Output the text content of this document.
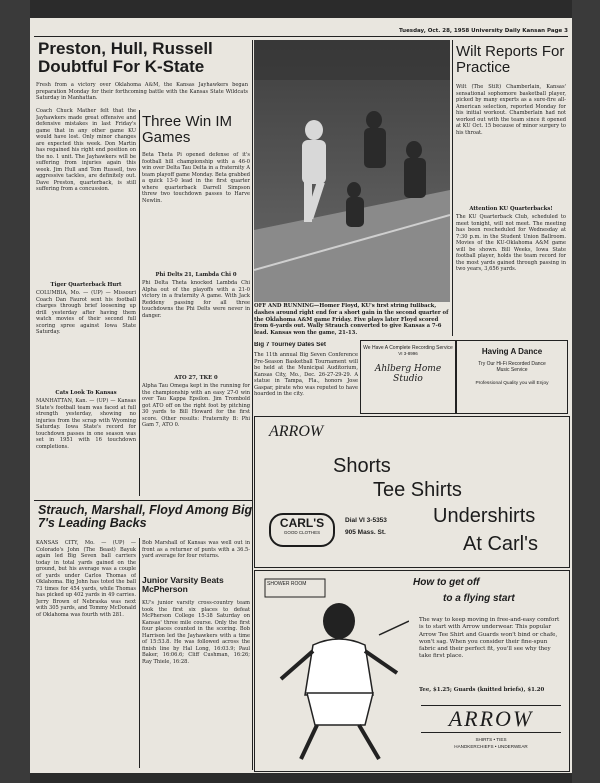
Tuesday, Oct. 28, 1958 University Daily Kansan Page 3
Preston, Hull, Russell Doubtful For K-State
Fresh from a victory over Oklahoma A&M, the Kansas Jayhawkers began preparation Monday for their forthcoming battle with the Kansas State Wildcats Saturday in Manhattan.
Coach Chuck Mather felt that the Jayhawkers made great offensive and defensive mistakes in last Friday's game that in any other game KU would have lost. Only minor changes are expected this week. Don Martin has regained his right end position on the no. 1 unit. The Jayhawkers will be suffering from injuries again this week. Jim Hull and Tom Russell, two aggressive tackles, are definitely out. Dave Preston, quarterback, is still suffering from a concussion.
Tiger Quarterback Hurt
COLUMBIA, Mo. — (UP) — Missouri Coach Dan Faurot sent his football charges through brief loosening up drill yesterday after having them watch movies of their second full scoring spree against Iowa State Saturday.
Cats Look To Kansas
MANHATTAN, Kan. — (UP) — Kansas State's football team was faced at full strength yesterday, showing no injuries from the scrap with Wyoming Saturday. Iowa State's record for touchdown passes in one season was set in 1951 with 16 touchdown completions.
Three Win IM Games
Beta Theta Pi opened defense of it's football hill championship with a 46-0 win over Delta Tau Delta in a fraternity A team playoff game Monday. Beta grabbed a quick 13-0 lead in the first quarter where quarterback Darrell Simpson threw two touchdown passes to Harve Newlin.
Phi Delts 21, Lambda Chi 0
Phi Delta Theta knocked Lambda Chi Alpha out of the playoffs with a 21-0 victory in a fraternity A game. With Jack Reddeny passing for all three touchdowns the Phi Delts were never in danger.
ATO 27, TKE 0
Alpha Tau Omega kept in the running for the championship with an easy 27-0 win over Tau Kappa Epsilon. Jim Trombold got ATO off on the right foot by pitching 30 yards to Bill Howard for the first score. Other results: Fraternity B: Phi Gam 7, ATO 0.
OFF AND RUNNING—Homer Floyd, KU's first string fullback, dashes around right end for a short gain in the second quarter of the Oklahoma A&M game Friday. Five plays later Floyd scored from 6-yards out. Wally Strauch converted to give Kansas a 7-6 lead. Kansas won the game, 21-13.
Wilt Reports For Practice
Wilt (The Stilt) Chamberlain, Kansas' sensational sophomore basketball player, picked by many experts as a sure-fire all-American selection, reported Monday for his initial workout. Chamberlain had not worked out with the team since it opened at KU Oct. 15 because of minor surgery to his throat.
Attention KU Quarterbacks!
The KU Quarterback Club, scheduled to meet tonight, will not meet. The meeting has been rescheduled for Wednesday at 7:30 p.m. in the Student Union Ballroom. Movies of the KU-Oklahoma A&M game will be shown. Bill Weeks, Iowa State football player, holds the team record for the most yards gained through passing in two years, 3,656 yards.
Big 7 Tourney Dates Set
The 11th annual Big Seven Conference Pre-Season Basketball Tournament will be held at the Municipal Auditorium, Kansas City, Mo., Dec. 26-27-29-29. A statue in Tampa, Fla., honors Jose Gaspar, pirate who was reputed to have hoarded in the city.
We Have A Complete Recording Service
VI 3-8996
Ahlberg Home Studio
Having A Dance
Try Our Hi-Fi Recorded Dance
Music Service
Professional Quality you will Enjoy
ARROW
Shorts
Tee Shirts
Undershirts
At Carl's
CARL'S
GOOD CLOTHES
Dial VI 3-5353
905 Mass. St.
Strauch, Marshall, Floyd Among Big 7's Leading Backs
KANSAS CITY, Mo. — (UP) — Colorado's John (The Beast) Bayuk again led Big Seven ball carriers today in total yards gained on the ground, but his average was a couple of yards under Carlos Thomas of Oklahoma. Big John has toted the ball 73 times for 454 yards, while Thomas has picked up 402 yards in 49 carries. Jerry Brown of Nebraska was next with 305 yards, and Tommy McDonald of Oklahoma was fourth with 281.
Bob Marshall of Kansas was well out in front as a returner of punts with a 36.5-yard average for four returns.
Junior Varsity Beats McPherson
KU's junior varsity cross-country team took the first six places to defeat McPherson College 15-38 Saturday on Kansas' three mile course. Only the first four places counted in the scoring. Bob Harrison led the Jayhawkers with a time of 15:53.8. He was followed across the finish line by Hal Long, 16:03.9; Paul Baker, 16:06.6; Cliff Cushman, 16:26; Ray Thiele, 16:28.
How to get off
to a flying start
SHOWER ROOM
The way to keep moving in free-and-easy comfort is to start with Arrow underwear. This popular Arrow Tee Shirt and Guards won't bind or chafe, won't sag. When you consider their fine-spun fabric and their perfect fit, you'll see why they take first place.
Tee, $1.25; Guards (knitted briefs), $1.20
ARROW
SHIRTS • TIES
HANDKERCHIEFS • UNDERWEAR
